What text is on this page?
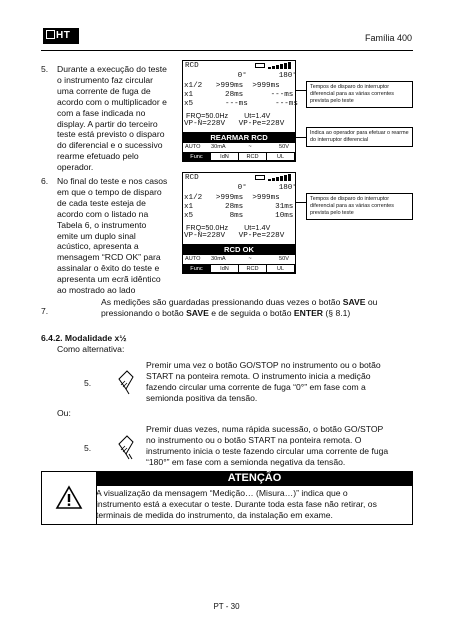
HT	Família 400
5. Durante a execução do teste
o instrumento faz circular
uma corrente de fuga de
acordo com o multiplicador e
com a fase indicada no
display. A partir do terceiro
teste está previsto o disparo
do diferencial e o sucessivo
rearme efetuado pelo
operador.
RCD
0°       180°
x1/2   >999ms  >999ms
x1       28ms      ---ms
x5       ---ms      ---ms
FRQ=50.0Hz        Ut=1.4V
VP-N=228V   VP-Pe=228V
REARMAR RCD
AUTO	30mA	~	50V
Func	IdN	RCD	UL
Tempos de disparo do interruptor diferencial para as várias correntes prevista pelo teste
Indica ao operador para efetuar o rearme do interruptor diferencial
6. No final do teste e nos casos
em que o tempo de disparo
de cada teste esteja de
acordo com o listado na
Tabela 6, o instrumento
emite um duplo sinal
acústico, apresenta a
mensagem “RCD OK” para
assinalar o êxito do teste e
apresenta um ecrã idêntico
ao mostrado ao lado
RCD
0°       180°
x1/2   >999ms  >999ms
x1       28ms       31ms
x5        8ms       10ms
FRQ=50.0Hz        Ut=1.4V
VP-N=228V   VP-Pe=228V
RCD OK
AUTO	30mA	~	50V
Func	IdN	RCD	UL
Tempos de disparo do interruptor diferencial para as várias correntes prevista pelo teste
7.
As medições são guardadas pressionando duas vezes o botão SAVE ou
pressionando o botão SAVE e de seguida o botão ENTER (§ 8.1)
6.4.2. Modalidade x½
Como alternativa:
5.
Premir uma vez o botão GO/STOP no instrumento ou o botão
START na ponteira remota. O instrumento inicia a medição
fazendo circular uma corrente de fuga “0°” em fase com a
semionda positiva da tensão.
Ou:
5.
Premir duas vezes, numa rápida sucessão, o botão GO/STOP
no instrumento ou o botão START na ponteira remota. O
instrumento inicia o teste fazendo circular uma corrente de fuga
“180°” em fase com a semionda negativa da tensão.
ATENÇÃO
A visualização da mensagem “Medição… (Misura…)” indica que o
instrumento está a executar o teste. Durante toda esta fase não retirar, os
terminais de medida do instrumento, da instalação em exame.
PT - 30
